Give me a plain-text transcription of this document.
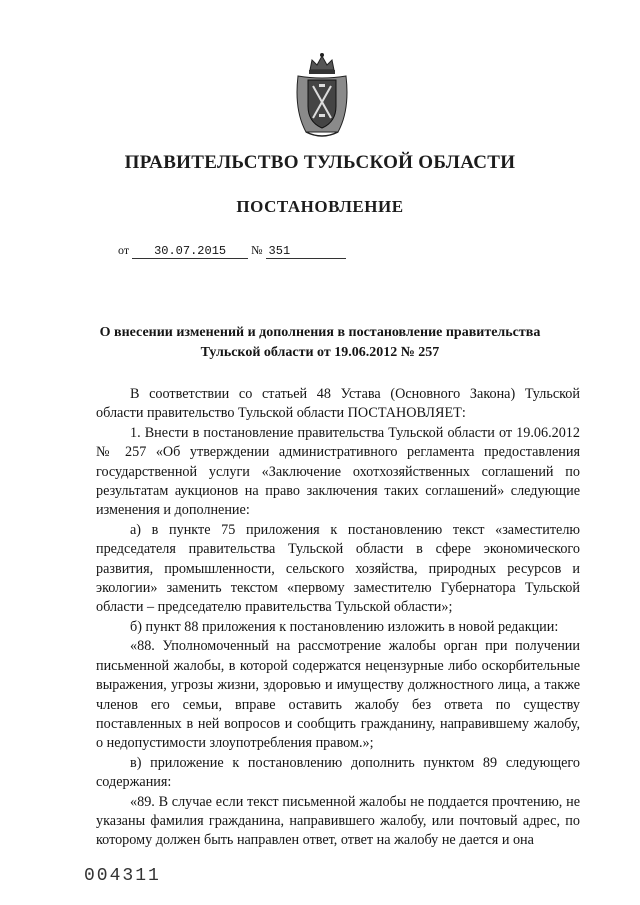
ПРАВИТЕЛЬСТВО ТУЛЬСКОЙ ОБЛАСТИ
ПОСТАНОВЛЕНИЕ
от 30.07.2015 № 351
О внесении изменений и дополнения в постановление правительства
Тульской области от 19.06.2012 № 257

В соответствии со статьей 48 Устава (Основного Закона) Тульской области правительство Тульской области ПОСТАНОВЛЯЕТ:

1. Внести в постановление правительства Тульской области от 19.06.2012 № 257 «Об утверждении административного регламента предоставления государственной услуги «Заключение охотхозяйственных соглашений по результатам аукционов на право заключения таких соглашений» следующие изменения и дополнение:

а) в пункте 75 приложения к постановлению текст «заместителю председателя правительства Тульской области в сфере экономического развития, промышленности, сельского хозяйства, природных ресурсов и экологии» заменить текстом «первому заместителю Губернатора Тульской области – председателю правительства Тульской области»;

б) пункт 88 приложения к постановлению изложить в новой редакции:

«88. Уполномоченный на рассмотрение жалобы орган при получении письменной жалобы, в которой содержатся нецензурные либо оскорбительные выражения, угрозы жизни, здоровью и имуществу должностного лица, а также членов его семьи, вправе оставить жалобу без ответа по существу поставленных в ней вопросов и сообщить гражданину, направившему жалобу, о недопустимости злоупотребления правом.»;

в) приложение к постановлению дополнить пунктом 89 следующего содержания:

«89. В случае если текст письменной жалобы не поддается прочтению, не указаны фамилия гражданина, направившего жалобу, или почтовый адрес, по которому должен быть направлен ответ, ответ на жалобу не дается и она

004311
